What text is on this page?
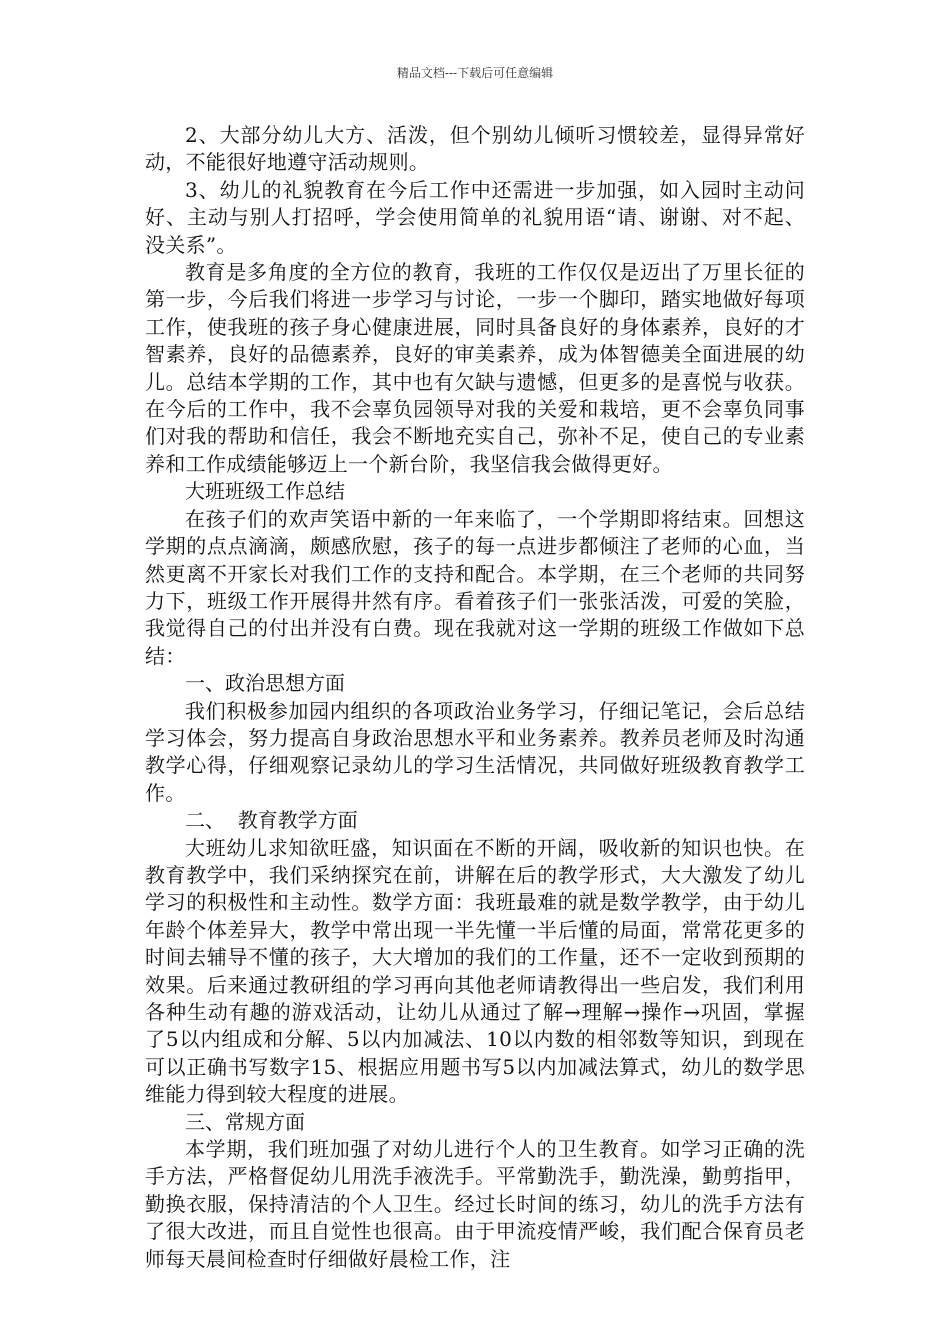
精品文档---下载后可任意编辑

2、大部分幼儿大方、活泼，但个别幼儿倾听习惯较差，显得异常好动，不能很好地遵守活动规则。

3、幼儿的礼貌教育在今后工作中还需进一步加强，如入园时主动问好、主动与别人打招呼，学会使用简单的礼貌用语“请、谢谢、对不起、没关系”。

教育是多角度的全方位的教育，我班的工作仅仅是迈出了万里长征的第一步，今后我们将进一步学习与讨论，一步一个脚印，踏实地做好每项工作，使我班的孩子身心健康进展，同时具备良好的身体素养，良好的才智素养，良好的品德素养，良好的审美素养，成为体智德美全面进展的幼儿。总结本学期的工作，其中也有欠缺与遗憾，但更多的是喜悦与收获。在今后的工作中，我不会辜负园领导对我的关爱和栽培，更不会辜负同事们对我的帮助和信任，我会不断地充实自己，弥补不足，使自己的专业素养和工作成绩能够迈上一个新台阶，我坚信我会做得更好。

大班班级工作总结

在孩子们的欢声笑语中新的一年来临了，一个学期即将结束。回想这学期的点点滴滴，颇感欣慰，孩子的每一点进步都倾注了老师的心血，当然更离不开家长对我们工作的支持和配合。本学期，在三个老师的共同努力下，班级工作开展得井然有序。看着孩子们一张张活泼，可爱的笑脸，我觉得自己的付出并没有白费。现在我就对这一学期的班级工作做如下总结：

一、政治思想方面

我们积极参加园内组织的各项政治业务学习，仔细记笔记，会后总结学习体会，努力提高自身政治思想水平和业务素养。教养员老师及时沟通教学心得，仔细观察记录幼儿的学习生活情况，共同做好班级教育教学工作。

二、  教育教学方面

大班幼儿求知欲旺盛，知识面在不断的开阔，吸收新的知识也快。在教育教学中，我们采纳探究在前，讲解在后的教学形式，大大激发了幼儿学习的积极性和主动性。数学方面：我班最难的就是数学教学，由于幼儿年龄个体差异大，教学中常出现一半先懂一半后懂的局面，常常花更多的时间去辅导不懂的孩子，大大增加的我们的工作量，还不一定收到预期的效果。后来通过教研组的学习再向其他老师请教得出一些启发，我们利用各种生动有趣的游戏活动，让幼儿从通过了解→理解→操作→巩固，掌握了5以内组成和分解、5以内加减法、10以内数的相邻数等知识，到现在可以正确书写数字15、根据应用题书写5以内加减法算式，幼儿的数学思维能力得到较大程度的进展。

三、常规方面

本学期，我们班加强了对幼儿进行个人的卫生教育。如学习正确的洗手方法，严格督促幼儿用洗手液洗手。平常勤洗手，勤洗澡，勤剪指甲，勤换衣服，保持清洁的个人卫生。经过长时间的练习，幼儿的洗手方法有了很大改进，而且自觉性也很高。由于甲流疫情严峻，我们配合保育员老师每天晨间检查时仔细做好晨检工作，注
